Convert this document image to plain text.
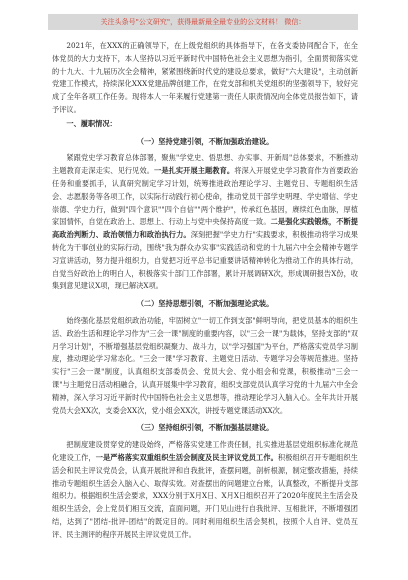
关注头条号"公文研究"，获得最新最全最专业的公文材料！ 微信：

2021年，在XXX的正确领导下，在上级党组织的具体指导下，在各支委协同配合下，在全体党员的大力支持下，本人坚持以习近平新时代中国特色社会主义思想为指引，全面贯彻落实党的十九大、十九届历次全会精神，紧紧围绕新时代党的建设总要求，做好"六大建设"，主动创新党建工作模式，持续深化XXX党建品牌创建工作，在党支部和机关党组织的坚强领导下，较好完成了全年各项工作任务。现将本人一年来履行党建第一责任人职责情况向全体党员报告如下，请予评议。

一、履职情况：

（一）坚持党建引领，不断加强政治建设。

紧跟党史学习教育总体部署，聚焦"学党史、悟思想、办实事、开新局"总体要求，不断推动主题教育走深走实、见行见效。一是扎实开展主题教育。将深入开展党史学习教育作为首要政治任务和重要抓手，认真研究制定学习计划，统筹推进政治理论学习、主题党日、专题组织生活会、志愿服务等各项工作，以实际行动践行初心使命，推动党员干部学史明理、学史增信、学史崇德、学史力行，做到"四个意识""四个自信""两个维护"，传承红色基因，赓续红色血脉，厚植家国情怀，自觉在政治上、思想上、行动上与党中央保持高度一致。二是强化实践锻炼，不断提高政治判断力、政治领悟力和政治执行力。深刻把握"学史力行"实践要求，积极推动将学习成果转化为干事创业的实际行动，围绕"我为群众办实事"实践活动和党的十九届六中全会精神专题学习宣讲活动，努力提升组织力，自觉把习近平总书记重要讲话精神转化为推动工作的具体行动，自觉当好政治上的明白人，积极落实十部门工作部署，累计开展调研X次，形成调研报告X份，收集到意见建议X项，现已解决X项。

（二）坚持思想引领，不断加强理论武装。

始终强化基层党组织政治功能，牢固树立"一切工作到支部"鲜明导向，把党员基本的组织生活、政治生活和理论学习作为"三会一课"制度的重要内容，以"三会一课"为载体，坚持支部的"双月学习计划"，不断增强基层党组织凝聚力、战斗力，以"学习强国"为平台，严格落实党员学习制度，推动理论学习常态化。"三会一课"学习教育、主题党日活动、专题学习会等规范推进。坚持实行"三会一课"制度，认真组织支部委员会、党员大会、党小组会和党课，积极推动"三会一课"与主题党日活动相融合，认真开展集中学习教育，组织支部党员认真学习党的十九届六中全会精神，深入学习习近平新时代中国特色社会主义思想等，推动理论学习入脑入心。全年共计开展党员大会XX次，支委会XX次，党小组会XX次，讲授专题党课活动XX次。

（三）坚持组织引领，不断加强基层建设。

把制度建设贯穿党的建设始终，严格落实党建工作责任制，扎实推进基层党组织标准化规范化建设工作，一是严格落实双重组织生活会制度及民主评议党员工作。积极组织召开专题组织生活会和民主评议党员会，认真开展批评和自我批评，查摆问题，剖析根源，制定整改措施，持续推动专题组织生活会入脑入心、取得实效。对查摆出的问题建立台账，认真整改，不断提升支部组织力。根据组织生活会要求，XXX分别于X月X日、X月X日组织召开了2020年度民主生活会及组织生活会，会上党员们相互交流，直面问题，开门见山进行自我批评、互相批评，不断增强团结，达到了"团结-批评-团结"的既定目的。同时利用组织生活会契机，按照个人自评、党员互评、民主测评的程序开展民主评议党员工作。
